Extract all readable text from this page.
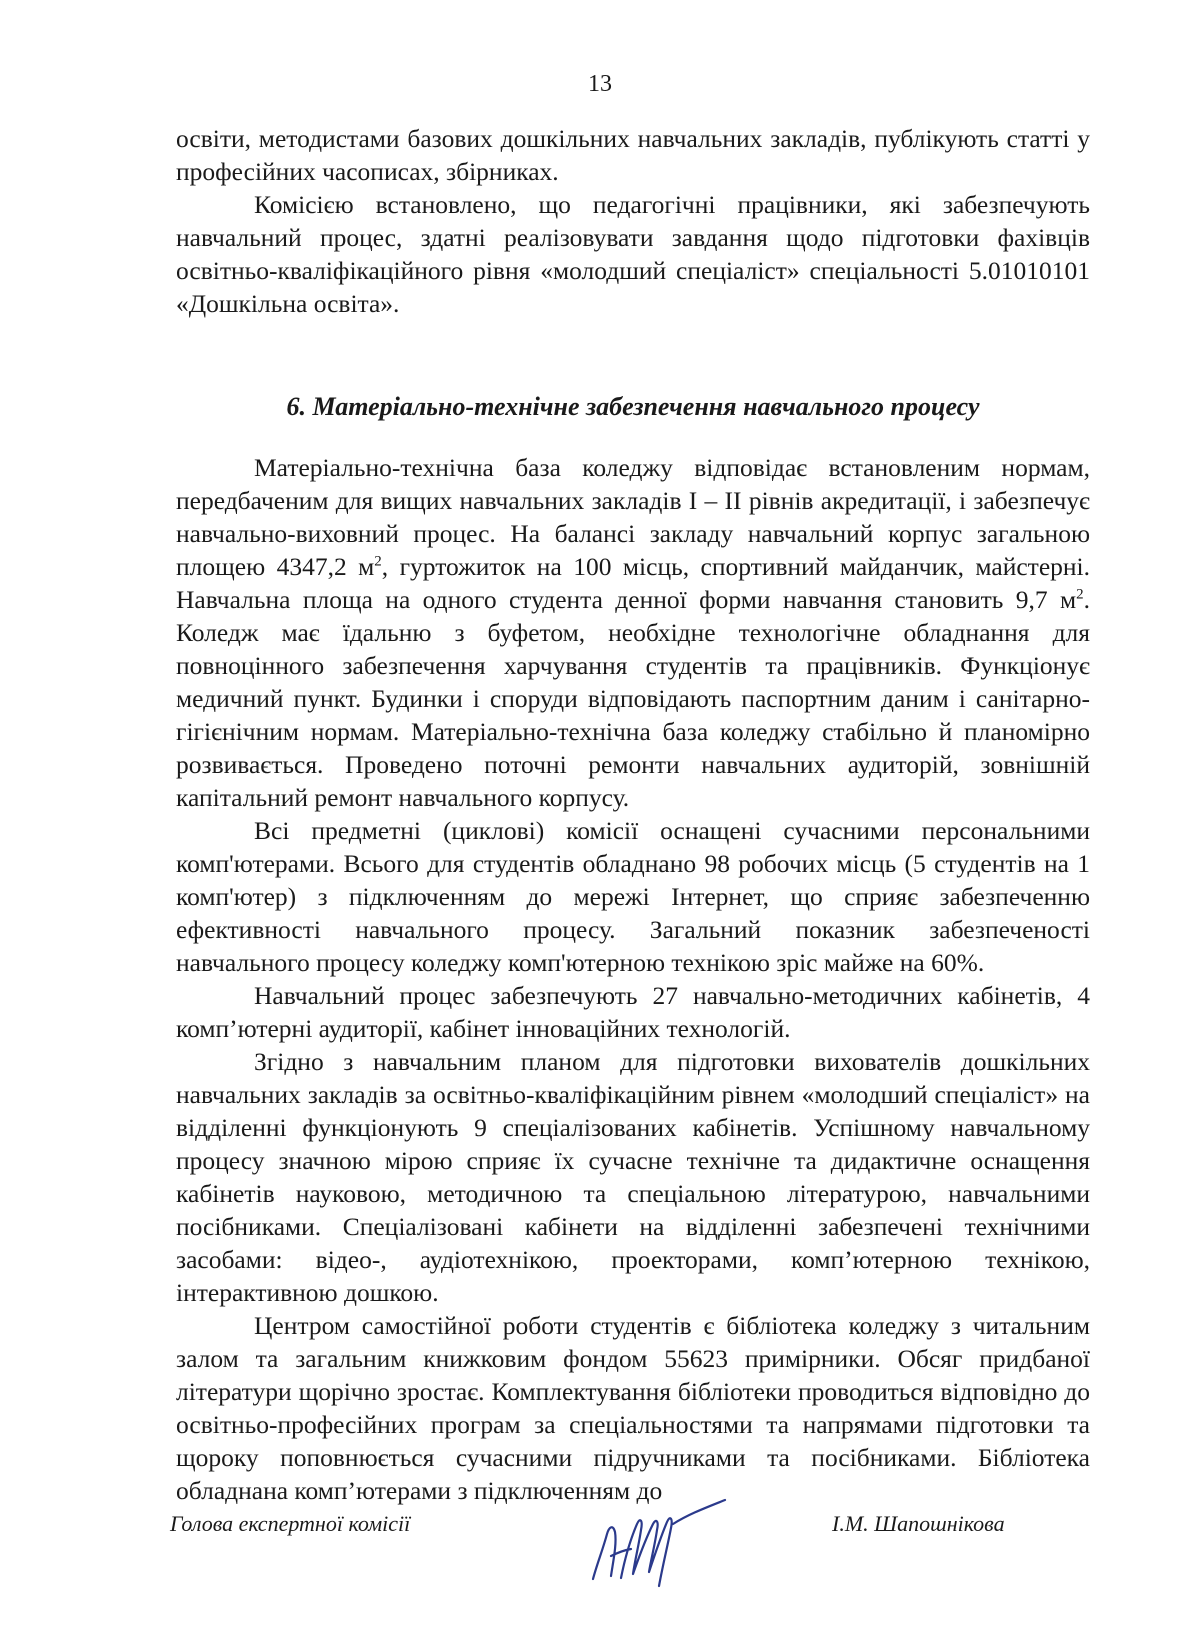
13

освіти, методистами базових дошкільних навчальних закладів, публікують статті у професійних часописах, збірниках.

Комісією встановлено, що педагогічні працівники, які забезпечують навчальний процес, здатні реалізовувати завдання щодо підготовки фахівців освітньо-кваліфікаційного рівня «молодший спеціаліст» спеціальності 5.01010101 «Дошкільна освіта».

6. Матеріально-технічне забезпечення навчального процесу

Матеріально-технічна база коледжу відповідає встановленим нормам, передбаченим для вищих навчальних закладів І – ІІ рівнів акредитації, і забезпечує навчально-виховний процес. На балансі закладу навчальний корпус загальною площею 4347,2 $м^2$, гуртожиток на 100 місць, спортивний майданчик, майстерні. Навчальна площа на одного студента денної форми навчання становить 9,7 $м^2$. Коледж має їдальню з буфетом, необхідне технологічне обладнання для повноцінного забезпечення харчування студентів та працівників. Функціонує медичний пункт. Будинки і споруди відповідають паспортним даним і санітарно-гігієнічним нормам. Матеріально-технічна база коледжу стабільно й планомірно розвивається. Проведено поточні ремонти навчальних аудиторій, зовнішній капітальний ремонт навчального корпусу.

Всі предметні (циклові) комісії оснащені сучасними персональними комп'ютерами. Всього для студентів обладнано 98 робочих місць (5 студентів на 1 комп'ютер) з підключенням до мережі Інтернет, що сприяє забезпеченню ефективності навчального процесу. Загальний показник забезпеченості навчального процесу коледжу комп'ютерною технікою зріс майже на 60%.

Навчальний процес забезпечують 27 навчально-методичних кабінетів, 4 комп’ютерні аудиторії, кабінет інноваційних технологій.

Згідно з навчальним планом для підготовки вихователів дошкільних навчальних закладів за освітньо-кваліфікаційним рівнем «молодший спеціаліст» на відділенні функціонують 9 спеціалізованих кабінетів. Успішному навчальному процесу значною мірою сприяє їх сучасне технічне та дидактичне оснащення кабінетів науковою, методичною та спеціальною літературою, навчальними посібниками. Спеціалізовані кабінети на відділенні забезпечені технічними засобами: відео-, аудіотехнікою, проекторами, комп’ютерною технікою, інтерактивною дошкою.

Центром самостійної роботи студентів є бібліотека коледжу з читальним залом та загальним книжковим фондом 55623 примірники. Обсяг придбаної літератури щорічно зростає. Комплектування бібліотеки проводиться відповідно до освітньо-професійних програм за спеціальностями та напрямами підготовки та щороку поповнюється сучасними підручниками та посібниками. Бібліотека обладнана комп’ютерами з підключенням до

Голова експертної комісії	І.М. Шапошнікова
